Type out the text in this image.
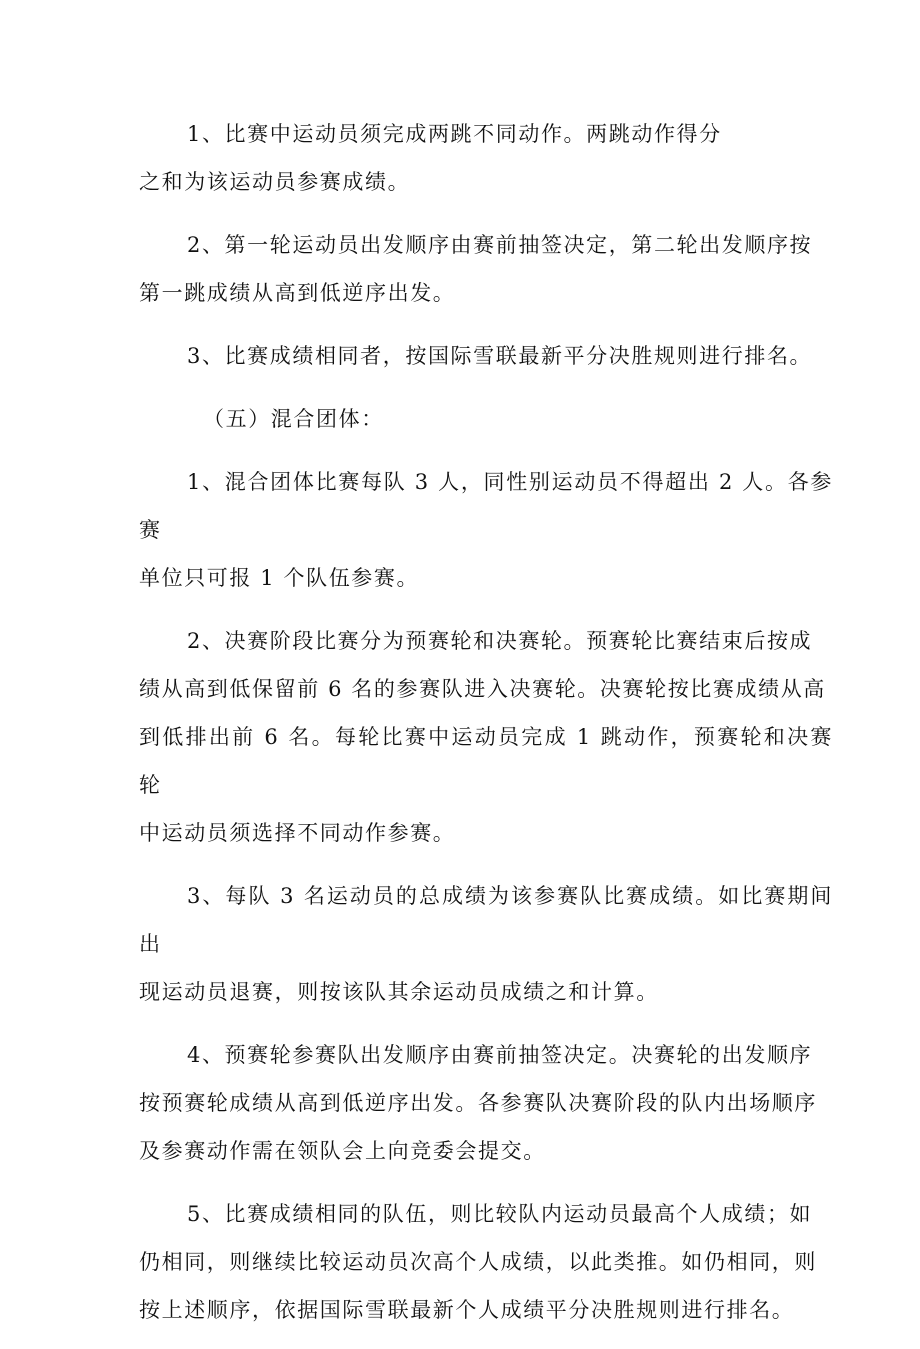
1、比赛中运动员须完成两跳不同动作。两跳动作得分
之和为该运动员参赛成绩。

2、第一轮运动员出发顺序由赛前抽签决定，第二轮出发顺序按
第一跳成绩从高到低逆序出发。

3、比赛成绩相同者，按国际雪联最新平分决胜规则进行排名。

（五）混合团体：

1、混合团体比赛每队 3 人，同性别运动员不得超出 2 人。各参赛
单位只可报 1 个队伍参赛。

2、决赛阶段比赛分为预赛轮和决赛轮。预赛轮比赛结束后按成
绩从高到低保留前 6 名的参赛队进入决赛轮。决赛轮按比赛成绩从高
到低排出前 6 名。每轮比赛中运动员完成 1 跳动作，预赛轮和决赛轮
中运动员须选择不同动作参赛。

3、每队 3 名运动员的总成绩为该参赛队比赛成绩。如比赛期间出
现运动员退赛，则按该队其余运动员成绩之和计算。

4、预赛轮参赛队出发顺序由赛前抽签决定。决赛轮的出发顺序
按预赛轮成绩从高到低逆序出发。各参赛队决赛阶段的队内出场顺序
及参赛动作需在领队会上向竞委会提交。

5、比赛成绩相同的队伍，则比较队内运动员最高个人成绩；如
仍相同，则继续比较运动员次高个人成绩，以此类推。如仍相同，则
按上述顺序，依据国际雪联最新个人成绩平分决胜规则进行排名。
